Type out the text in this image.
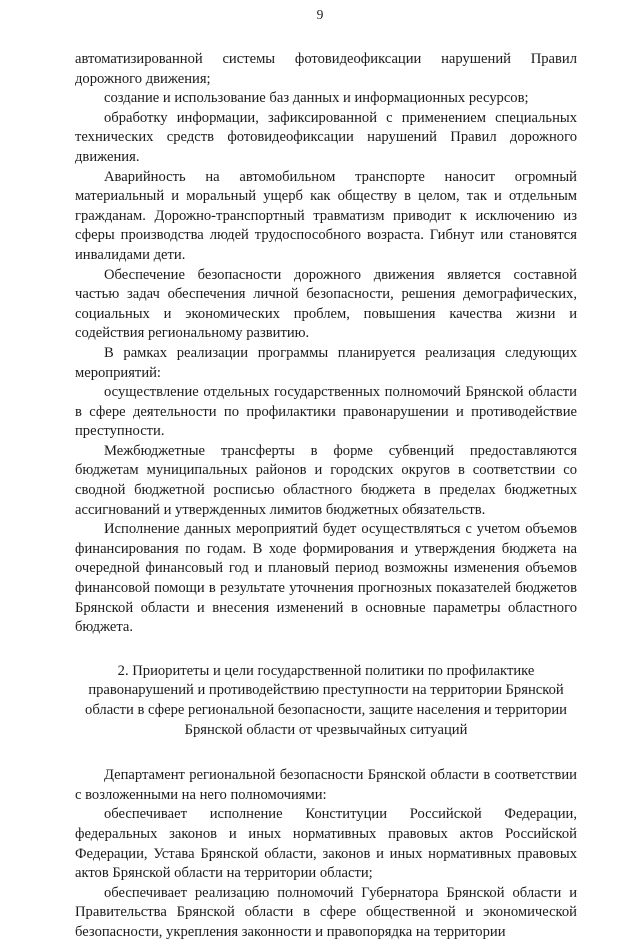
9

автоматизированной системы фотовидеофиксации нарушений Правил дорожного движения;

создание и использование баз данных и информационных ресурсов;

обработку информации, зафиксированной с применением специальных технических средств фотовидеофиксации нарушений Правил дорожного движения.

Аварийность на автомобильном транспорте наносит огромный материальный и моральный ущерб как обществу в целом, так и отдельным гражданам. Дорожно-транспортный травматизм приводит к исключению из сферы производства людей трудоспособного возраста. Гибнут или становятся инвалидами дети.

Обеспечение безопасности дорожного движения является составной частью задач обеспечения личной безопасности, решения демографических, социальных и экономических проблем, повышения качества жизни и содействия региональному развитию.

В рамках реализации программы планируется реализация следующих мероприятий:

осуществление отдельных государственных полномочий Брянской области в сфере деятельности по профилактики правонарушении и противодействие преступности.

Межбюджетные трансферты в форме субвенций предоставляются бюджетам муниципальных районов и городских округов в соответствии со сводной бюджетной росписью областного бюджета в пределах бюджетных ассигнований и утвержденных лимитов бюджетных обязательств.

Исполнение данных мероприятий будет осуществляться с учетом объемов финансирования по годам. В ходе формирования и утверждения бюджета на очередной финансовый год и плановый период возможны изменения объемов финансовой помощи в результате уточнения прогнозных показателей бюджетов Брянской области и внесения изменений в основные параметры областного бюджета.

2. Приоритеты и цели государственной политики по профилактике правонарушений и противодействию преступности на территории Брянской области в сфере региональной безопасности, защите населения и территории Брянской области от чрезвычайных ситуаций

Департамент региональной безопасности Брянской области в соответствии с возложенными на него полномочиями:

обеспечивает исполнение Конституции Российской Федерации, федеральных законов и иных нормативных правовых актов Российской Федерации, Устава Брянской области, законов и иных нормативных правовых актов Брянской области на территории области;

обеспечивает реализацию полномочий Губернатора Брянской области и Правительства Брянской области в сфере общественной и экономической безопасности, укрепления законности и правопорядка на территории
